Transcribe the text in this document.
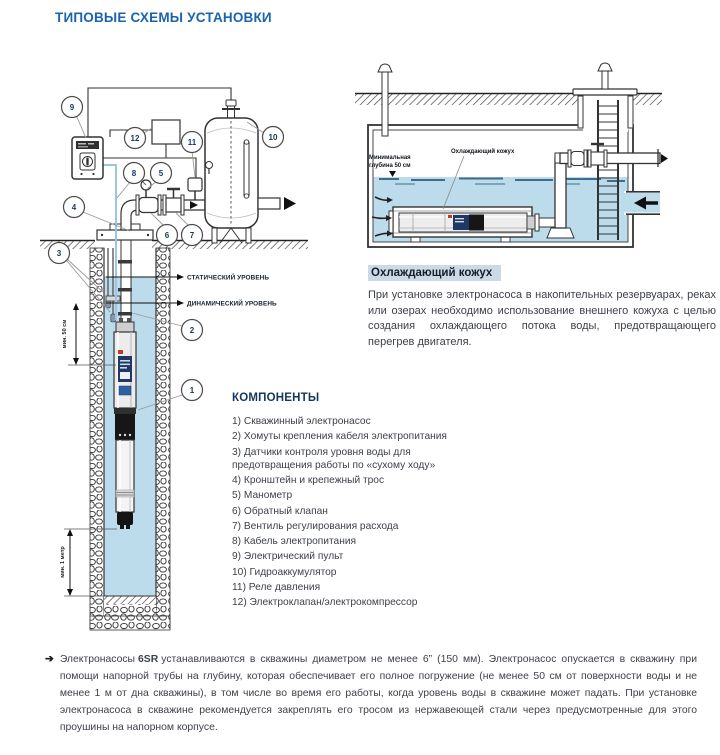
ТИПОВЫЕ СХЕМЫ УСТАНОВКИ
СТАТИЧЕСКИЙ УРОВЕНЬ
ДИНАМИЧЕСКИЙ УРОВЕНЬ
мин. 50 см
мин. 1 метр
9
12	11
10
8	5
4
6	7
3
2
1
Минимальная
глубина 50 см
Охлаждающий кожух
Охлаждающий кожух

При установке электронасоса в накопительных резервуарах, реках или озерах необходимо использование внешнего кожуха с целью создания охлаждающего потока воды, предотвращающего перегрев двигателя.

КОМПОНЕНТЫ
1) Скважинный электронасос
2) Хомуты крепления кабеля электропитания
3) Датчики контроля уровня воды для предотвращения работы по «сухому ходу»
4) Кронштейн и крепежный трос
5) Манометр
6) Обратный клапан
7) Вентиль регулирования расхода
8) Кабель электропитания
9) Электрический пульт
10) Гидроаккумулятор
11) Реле давления
12) Электроклапан/электрокомпрессор
➔ Электронасосы 6SR устанавливаются в скважины диаметром не менее 6” (150 мм). Электронасос опускается в скважину при помощи напорной трубы на глубину, которая обеспечивает его полное погружение (не менее 50 см от поверхности воды и не менее 1 м от дна скважины), в том числе во время его работы, когда уровень воды в скважине может падать. При установке электронасоса в скважине рекомендуется закреплять его тросом из нержавеющей стали через предусмотренные для этого проушины на напорном корпусе.
